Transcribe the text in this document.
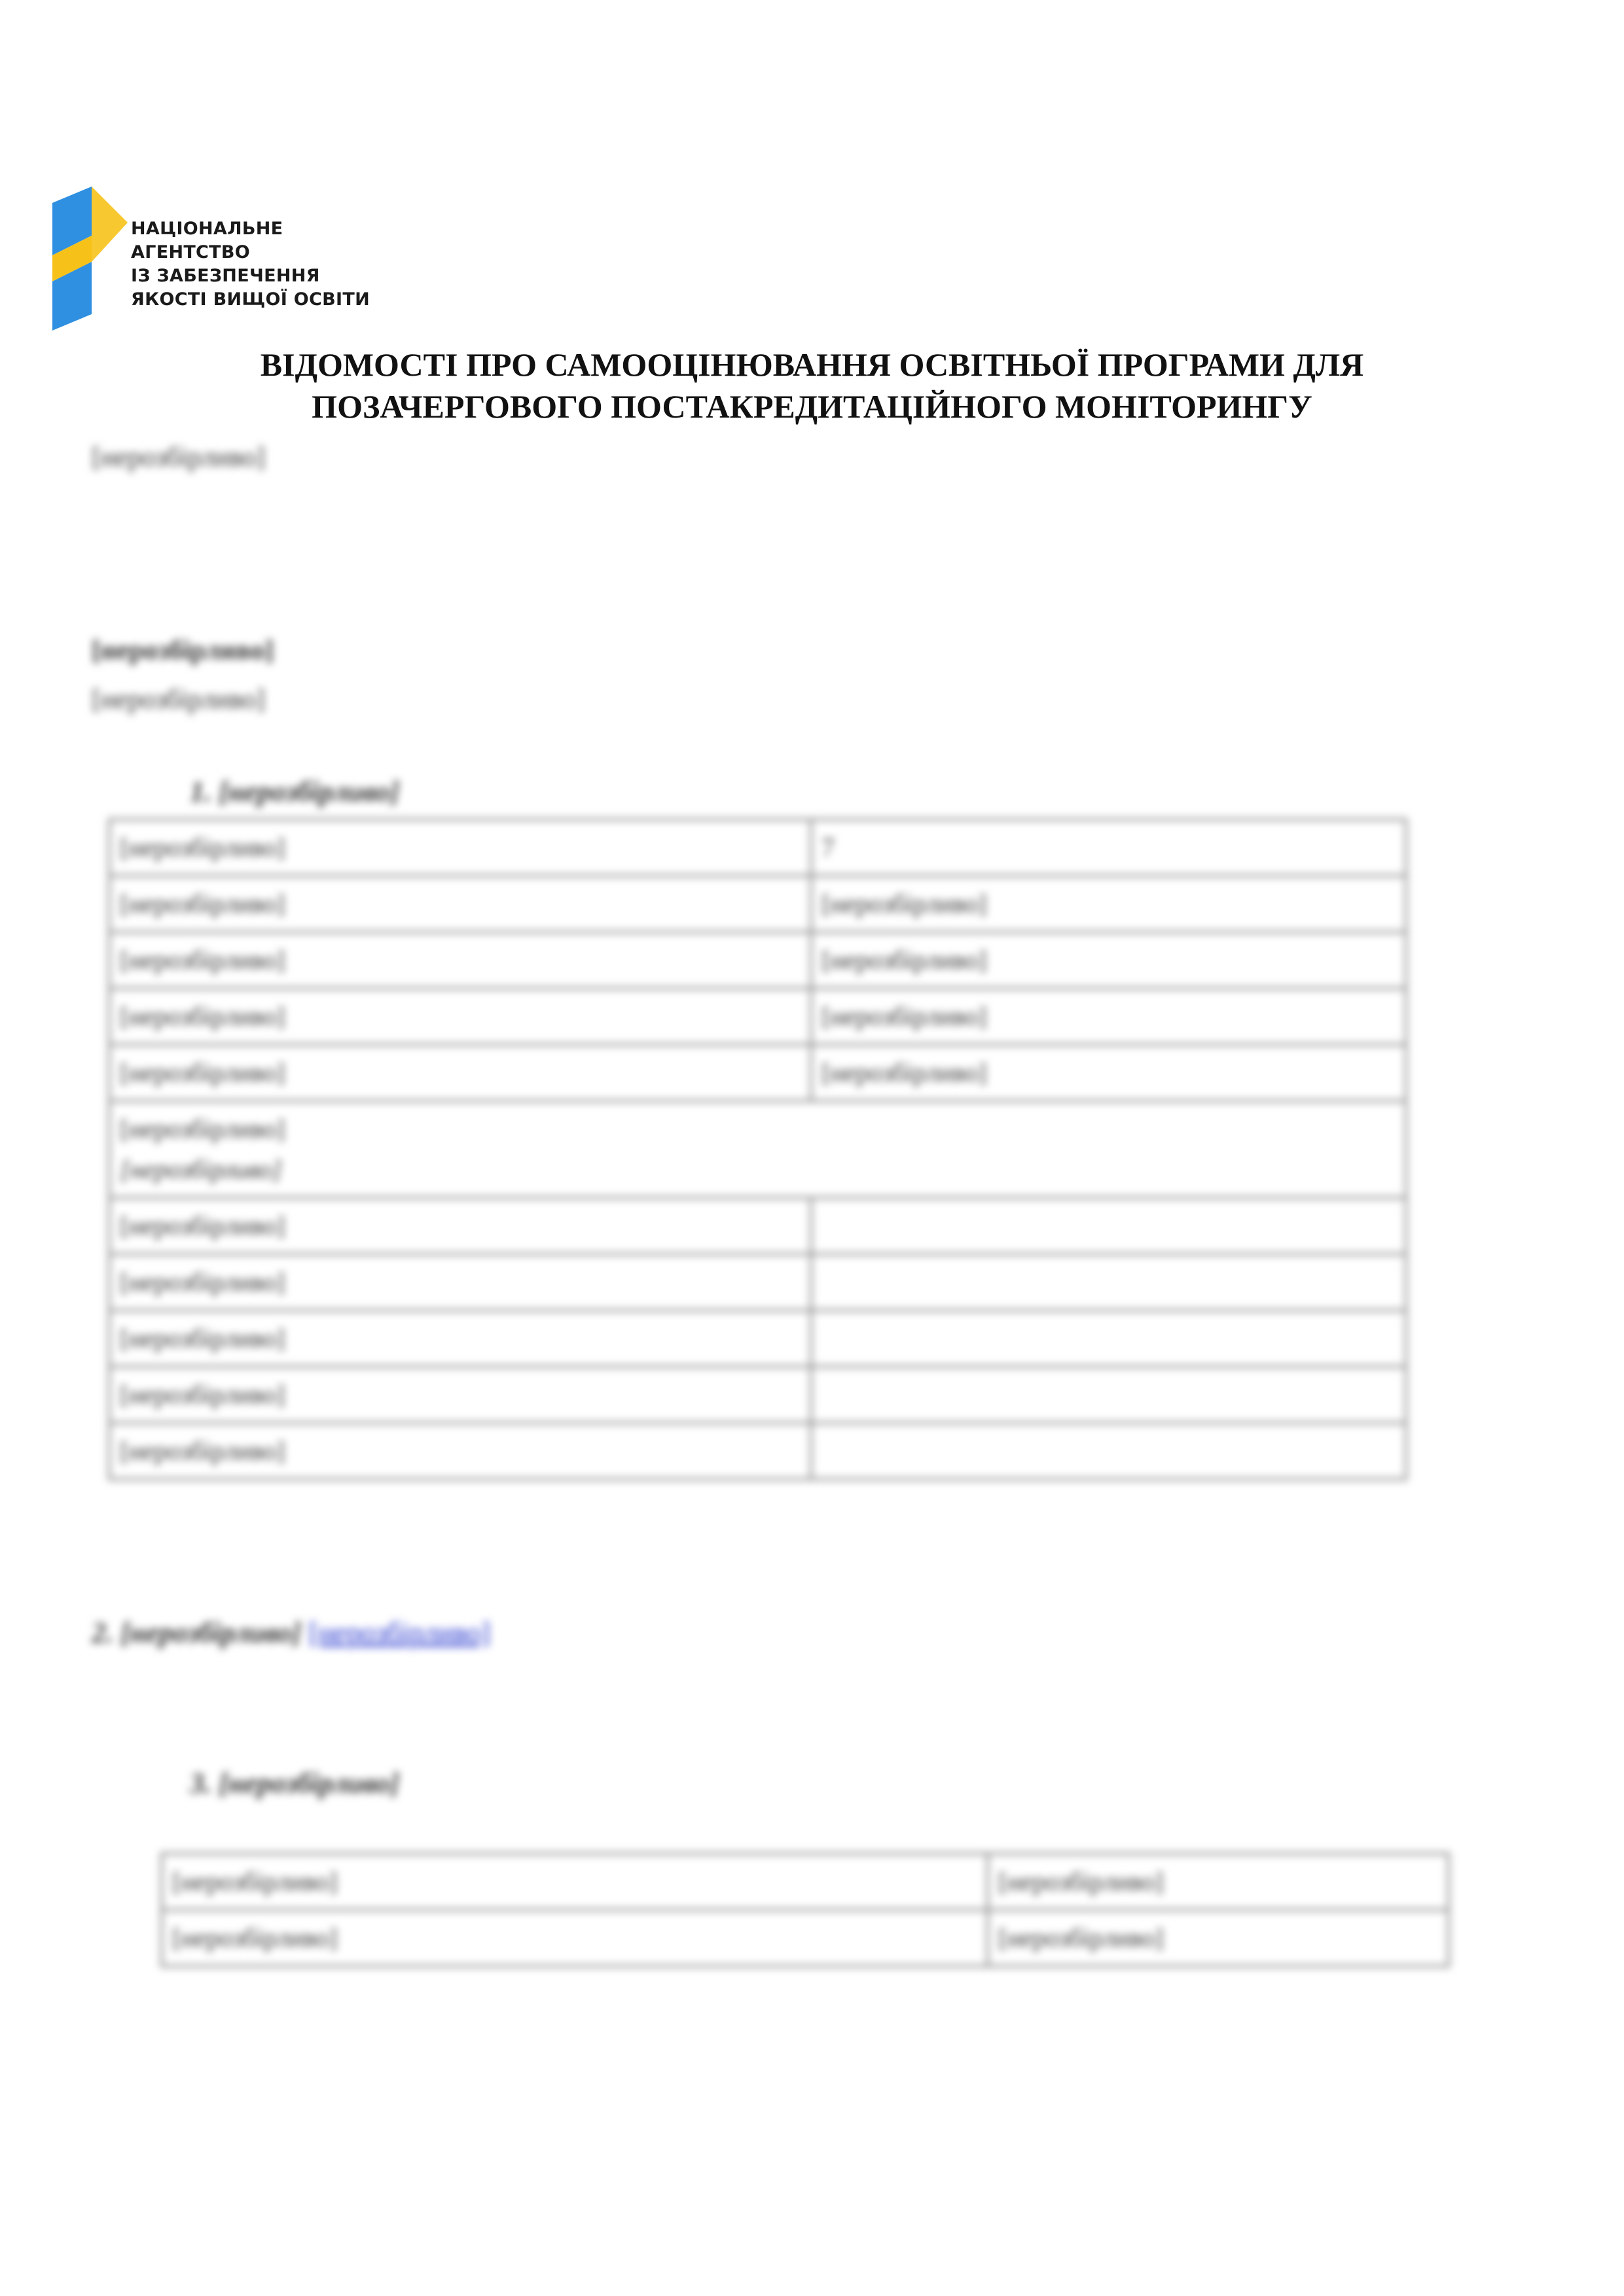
НАЦІОНАЛЬНЕ
АГЕНТСТВО
ІЗ ЗАБЕЗПЕЧЕННЯ
ЯКОСТІ ВИЩОЇ ОСВІТИ
ВІДОМОСТІ ПРО САМООЦІНЮВАННЯ ОСВІТНЬОЇ ПРОГРАМИ ДЛЯ
ПОЗАЧЕРГОВОГО ПОСТАКРЕДИТАЦІЙНОГО МОНІТОРИНГУ
[нерозбірливо]
[нерозбірливо]
[нерозбірливо]
1. [нерозбірливо]
[нерозбірливо]	7
[нерозбірливо]	[нерозбірливо]
[нерозбірливо]	[нерозбірливо]
[нерозбірливо]	[нерозбірливо]
[нерозбірливо]	[нерозбірливо]

[нерозбірливо]
[нерозбірливо]	

[нерозбірливо]	
[нерозбірливо]	
[нерозбірливо]	
[нерозбірливо]	
[нерозбірливо]	
2. [нерозбірливо] [нерозбірливо]
3. [нерозбірливо]
[нерозбірливо]	[нерозбірливо]
[нерозбірливо]	[нерозбірливо]
